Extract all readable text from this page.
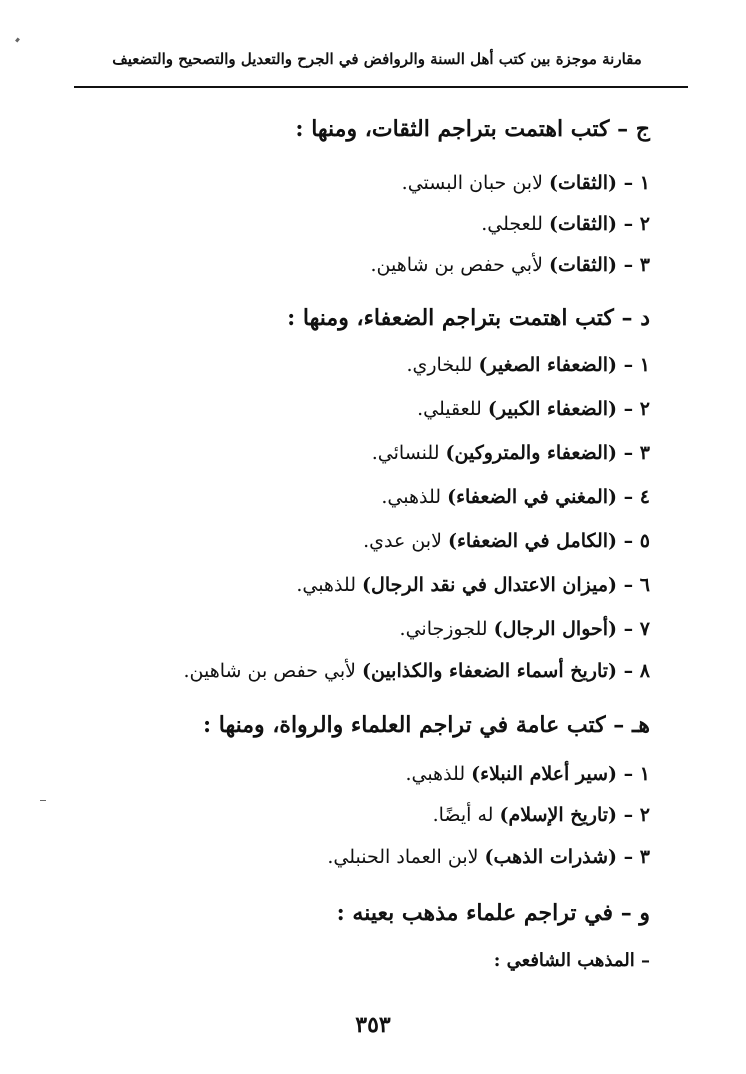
مقارنة موجزة بين كتب أهل السنة والروافض في الجرح والتعديل والتصحيح والتضعيف
ج – كتب اهتمت بتراجم الثقات، ومنها :
١ – (الثقات) لابن حبان البستي.
٢ – (الثقات) للعجلي.
٣ – (الثقات) لأبي حفص بن شاهين.
د – كتب اهتمت بتراجم الضعفاء، ومنها :
١ – (الضعفاء الصغير) للبخاري.
٢ – (الضعفاء الكبير) للعقيلي.
٣ – (الضعفاء والمتروكين) للنسائي.
٤ – (المغني في الضعفاء) للذهبي.
٥ – (الكامل في الضعفاء) لابن عدي.
٦ – (ميزان الاعتدال في نقد الرجال) للذهبي.
٧ – (أحوال الرجال) للجوزجاني.
٨ – (تاريخ أسماء الضعفاء والكذابين) لأبي حفص بن شاهين.
هـ – كتب عامة في تراجم العلماء والرواة، ومنها :
١ – (سير أعلام النبلاء) للذهبي.
٢ – (تاريخ الإسلام) له أيضًا.
٣ – (شذرات الذهب) لابن العماد الحنبلي.
و – في تراجم علماء مذهب بعينه :
– المذهب الشافعي :
٣٥٣
